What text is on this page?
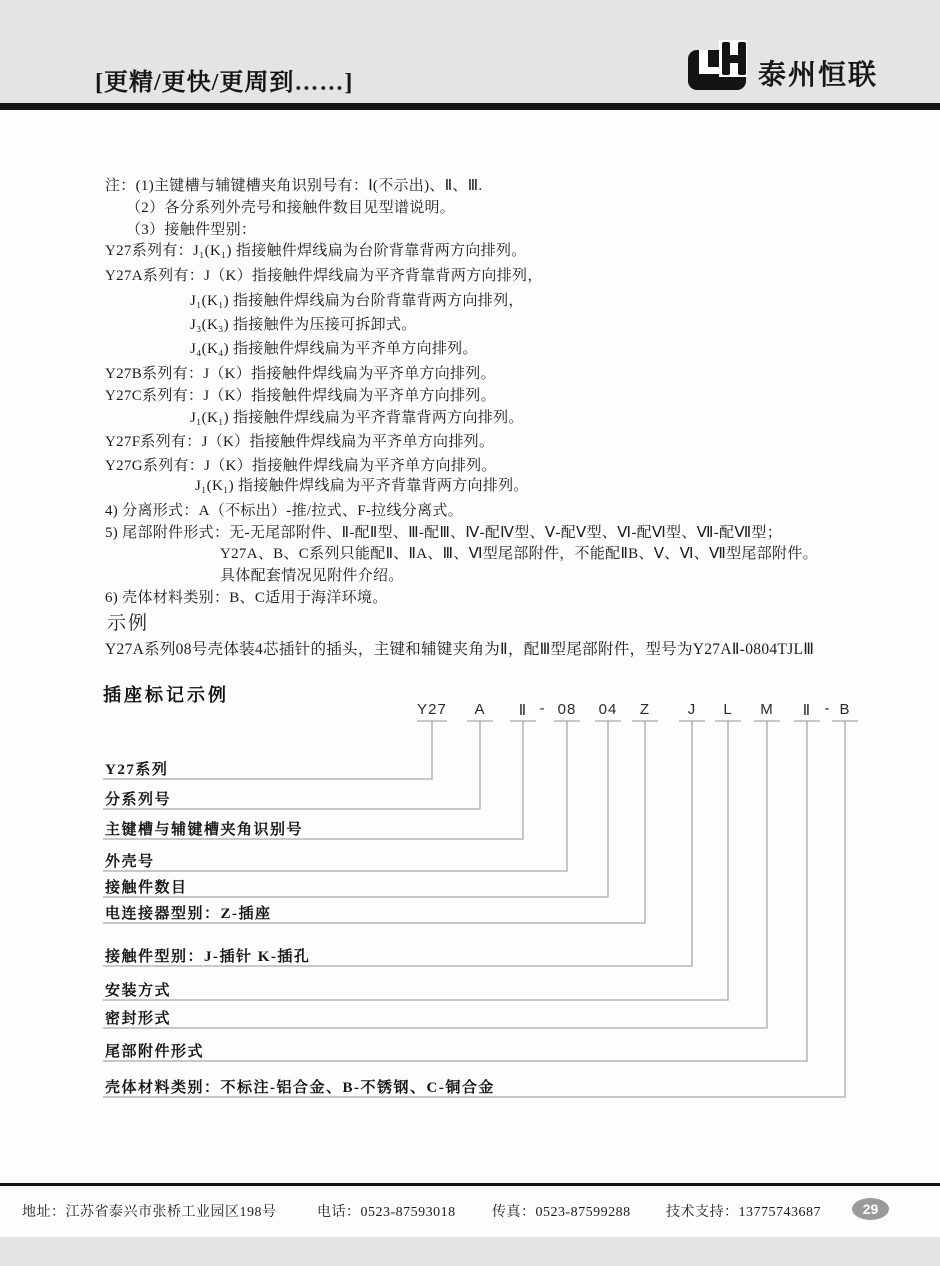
[更精/更快/更周到……]	泰州恒联
注：(1)主键槽与辅键槽夹角识别号有：Ⅰ(不示出)、Ⅱ、Ⅲ.
（2）各分系列外壳号和接触件数目见型谱说明。
（3）接触件型别：
Y27系列有：J₁(K₁) 指接触件焊线扁为台阶背靠背两方向排列。
Y27A系列有：J（K）指接触件焊线扁为平齐背靠背两方向排列，
J₁(K₁) 指接触件焊线扁为台阶背靠背两方向排列，
J₃(K₃) 指接触件为压接可拆卸式。
J₄(K₄) 指接触件焊线扁为平齐单方向排列。
Y27B系列有：J（K）指接触件焊线扁为平齐单方向排列。
Y27C系列有：J（K）指接触件焊线扁为平齐单方向排列。
J₁(K₁) 指接触件焊线扁为平齐背靠背两方向排列。
Y27F系列有：J（K）指接触件焊线扁为平齐单方向排列。
Y27G系列有：J（K）指接触件焊线扁为平齐单方向排列。
J₁(K₁) 指接触件焊线扁为平齐背靠背两方向排列。
4) 分离形式：A（不标出）-推/拉式、F-拉线分离式。
5) 尾部附件形式：无-无尾部附件、Ⅱ-配Ⅱ型、Ⅲ-配Ⅲ、Ⅳ-配Ⅳ型、Ⅴ-配Ⅴ型、Ⅵ-配Ⅵ型、Ⅶ-配Ⅶ型；
Y27A、B、C系列只能配Ⅱ、ⅡA、Ⅲ、Ⅵ型尾部附件，不能配ⅡB、Ⅴ、Ⅵ、Ⅶ型尾部附件。
具体配套情况见附件介绍。
6) 壳体材料类别：B、C适用于海洋环境。
示例
Y27A系列08号壳体装4芯插针的插头，主键和辅键夹角为Ⅱ，配Ⅲ型尾部附件，型号为Y27AⅡ-0804TJLⅢ
插座标记示例
Y27 A Ⅱ - 08 04 Z	J L M Ⅱ - B
Y27系列
分系列号
主键槽与辅键槽夹角识别号
外壳号
接触件数目
电连接器型别：Z-插座
接触件型别：J-插针 K-插孔
安装方式
密封形式
尾部附件形式
壳体材料类别：不标注-铝合金、B-不锈钢、C-铜合金
地址：江苏省泰兴市张桥工业园区198号	电话：0523-87593018	传真：0523-87599288	技术支持：13775743687	29
